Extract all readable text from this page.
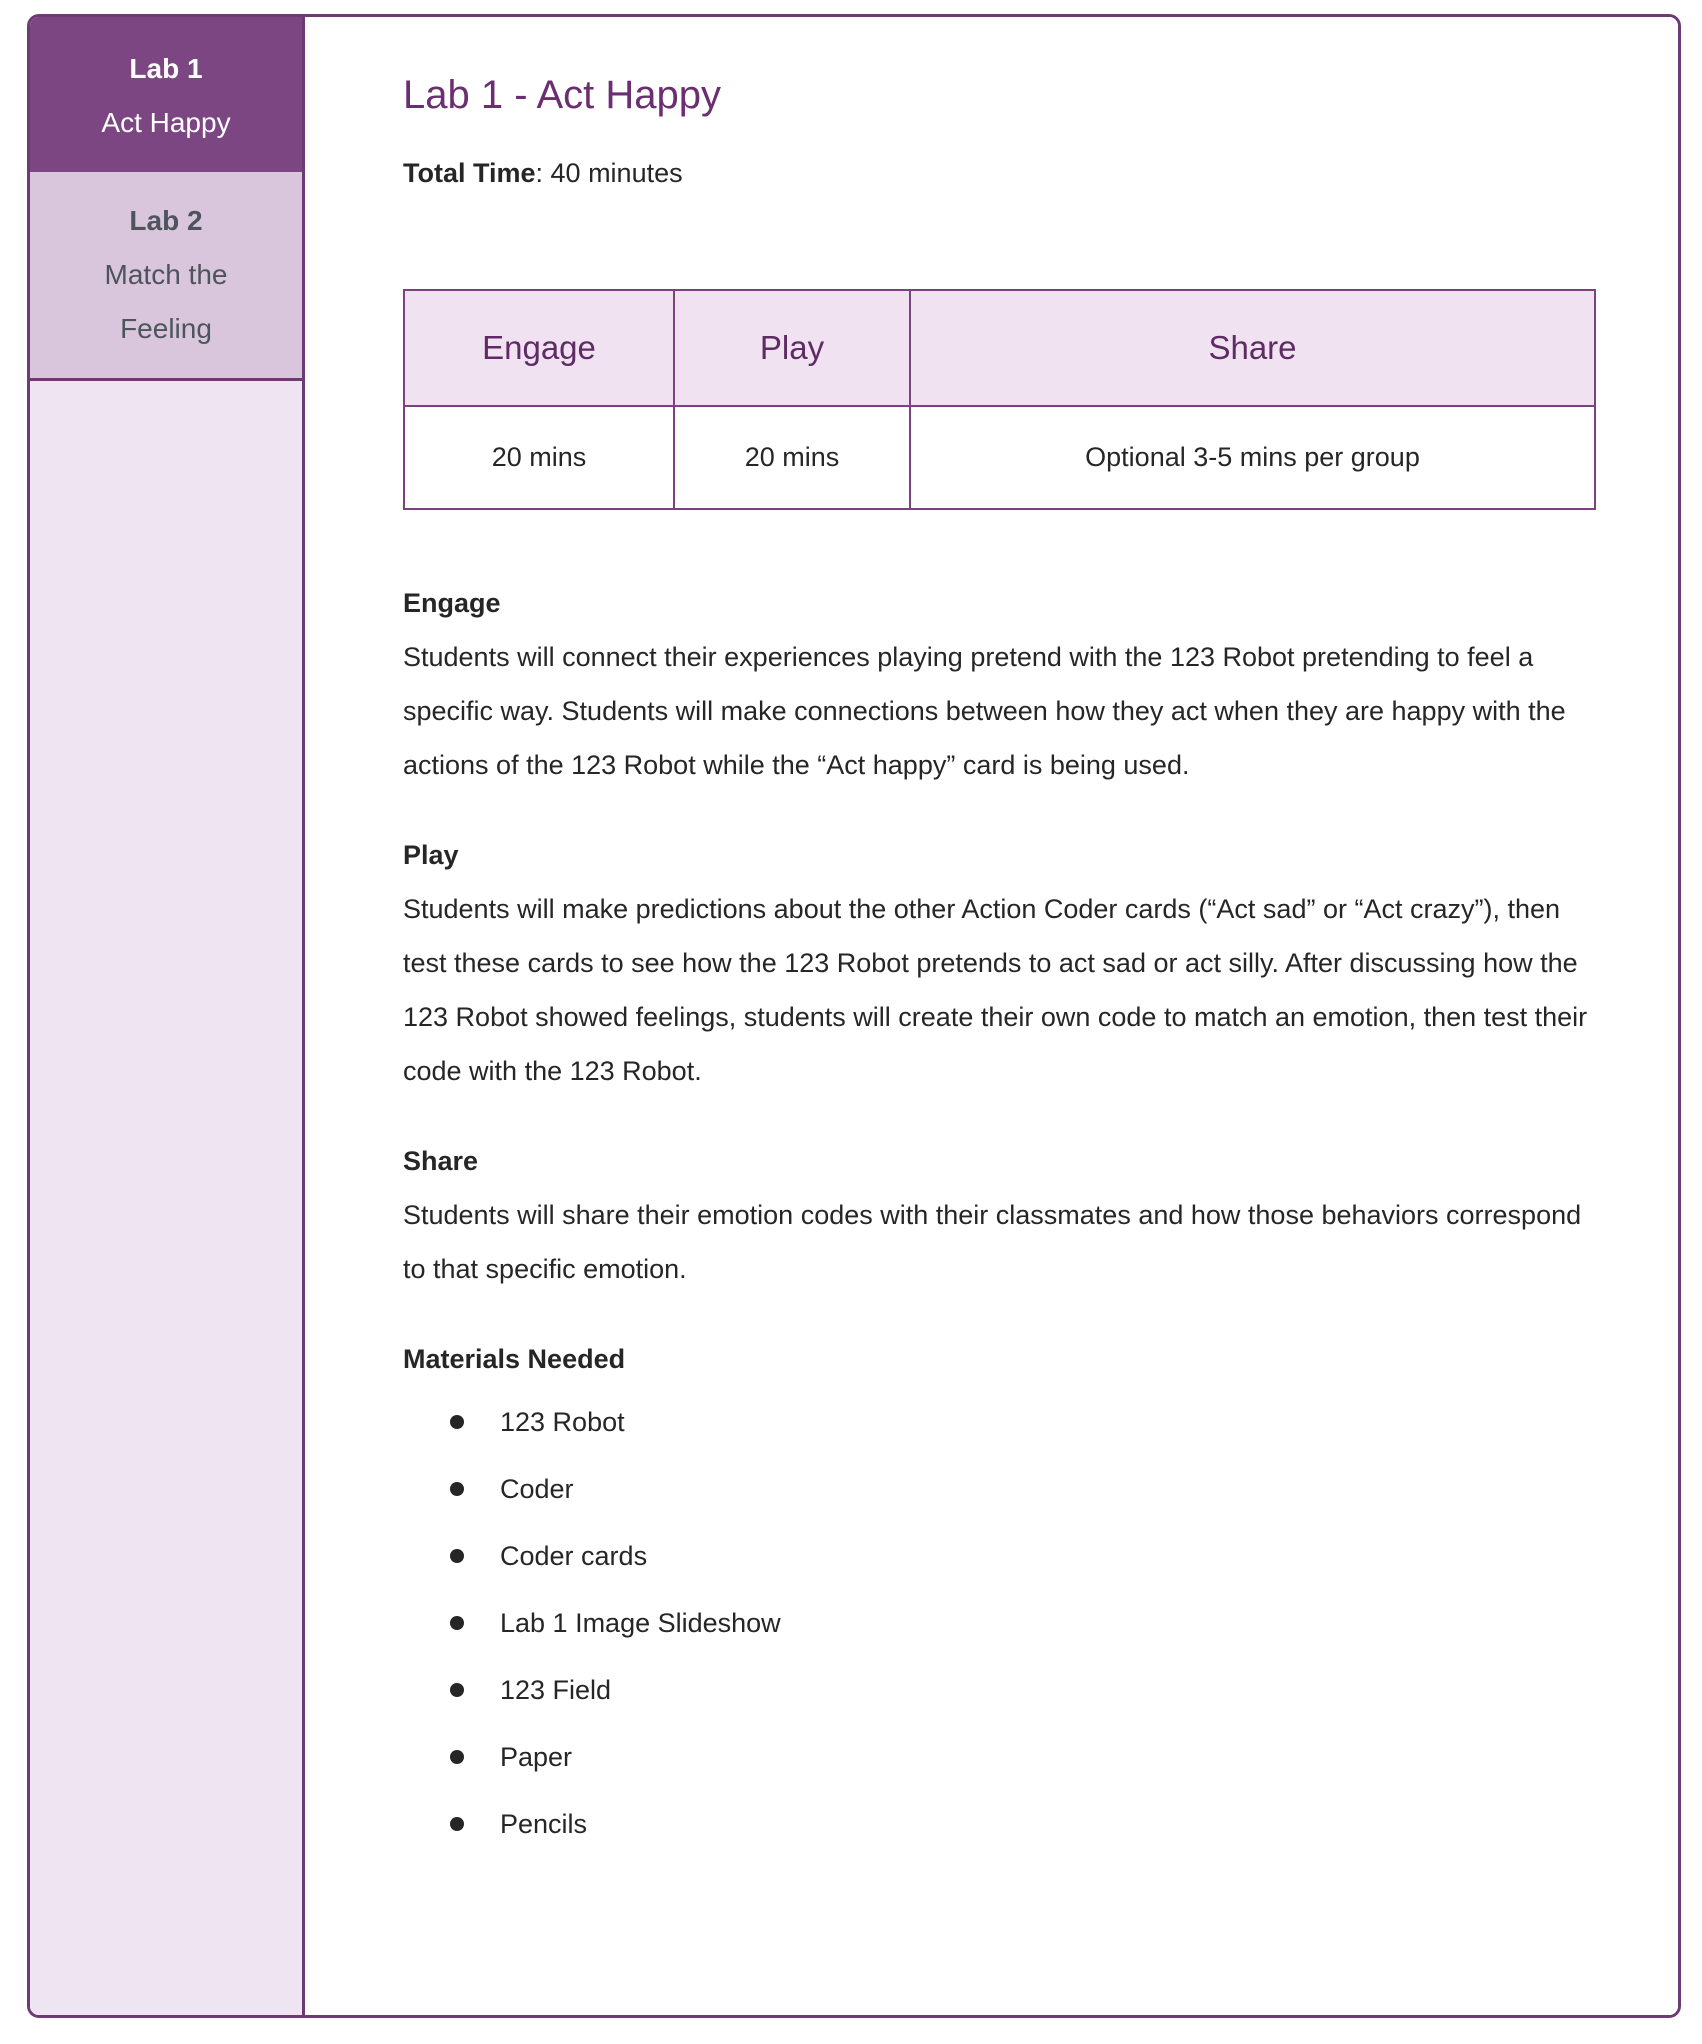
Lab 1
Act Happy
Lab 2
Match the Feeling
Lab 1 - Act Happy

Total Time: 40 minutes

Engage	Play	Share
20 mins	20 mins	Optional 3-5 mins per group
Engage

Students will connect their experiences playing pretend with the 123 Robot pretending to feel a specific way. Students will make connections between how they act when they are happy with the actions of the 123 Robot while the “Act happy” card is being used.

Play

Students will make predictions about the other Action Coder cards (“Act sad” or “Act crazy”), then test these cards to see how the 123 Robot pretends to act sad or act silly. After discussing how the 123 Robot showed feelings, students will create their own code to match an emotion, then test their code with the 123 Robot.

Share

Students will share their emotion codes with their classmates and how those behaviors correspond to that specific emotion.

Materials Needed
123 Robot
Coder
Coder cards
Lab 1 Image Slideshow
123 Field
Paper
Pencils
